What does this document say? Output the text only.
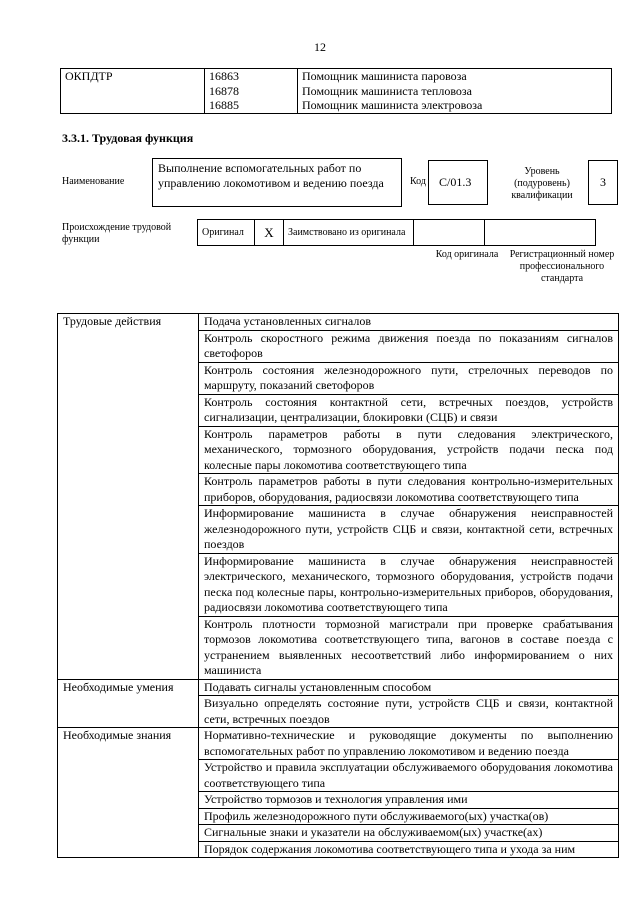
12
ОКПДТР	16863	Помощник машиниста паровоза
	16878	Помощник машиниста тепловоза
	16885	Помощник машиниста электровоза
3.3.1. Трудовая функция
Наименование
Выполнение вспомогательных работ по управлению локомотивом и ведению поезда	Код	C/01.3
Уровень (подуровень) квалификации
3
Происхождение трудовой функции
Оригинал	X	Заимствовано из оригинала		
Код оригинала	Регистрационный номер профессионального стандарта
Трудовые действия	Подача установленных сигналов
	Контроль скоростного режима движения поезда по показаниям сигналов светофоров
	Контроль состояния железнодорожного пути, стрелочных переводов по маршруту, показаний светофоров
	Контроль состояния контактной сети, встречных поездов, устройств сигнализации, централизации, блокировки (СЦБ) и связи
	Контроль параметров работы в пути следования электрического, механического, тормозного оборудования, устройств подачи песка под колесные пары локомотива соответствующего типа
	Контроль параметров работы в пути следования контрольно-измерительных приборов, оборудования, радиосвязи локомотива соответствующего типа
	Информирование машиниста в случае обнаружения неисправностей железнодорожного пути, устройств СЦБ и связи, контактной сети, встречных поездов
	Информирование машиниста в случае обнаружения неисправностей электрического, механического, тормозного оборудования, устройств подачи песка под колесные пары, контрольно-измерительных приборов, оборудования, радиосвязи локомотива соответствующего типа
	Контроль плотности тормозной магистрали при проверке срабатывания тормозов локомотива соответствующего типа, вагонов в составе поезда с устранением выявленных несоответствий либо информированием о них машиниста
Необходимые умения	Подавать сигналы установленным способом
	Визуально определять состояние пути, устройств СЦБ и связи, контактной сети, встречных поездов
Необходимые знания	Нормативно-технические и руководящие документы по выполнению вспомогательных работ по управлению локомотивом и ведению поезда
	Устройство и правила эксплуатации обслуживаемого оборудования локомотива соответствующего типа
	Устройство тормозов и технология управления ими
	Профиль железнодорожного пути обслуживаемого(ых) участка(ов)
	Сигнальные знаки и указатели на обслуживаемом(ых) участке(ах)
	Порядок содержания локомотива соответствующего типа и ухода за ним
